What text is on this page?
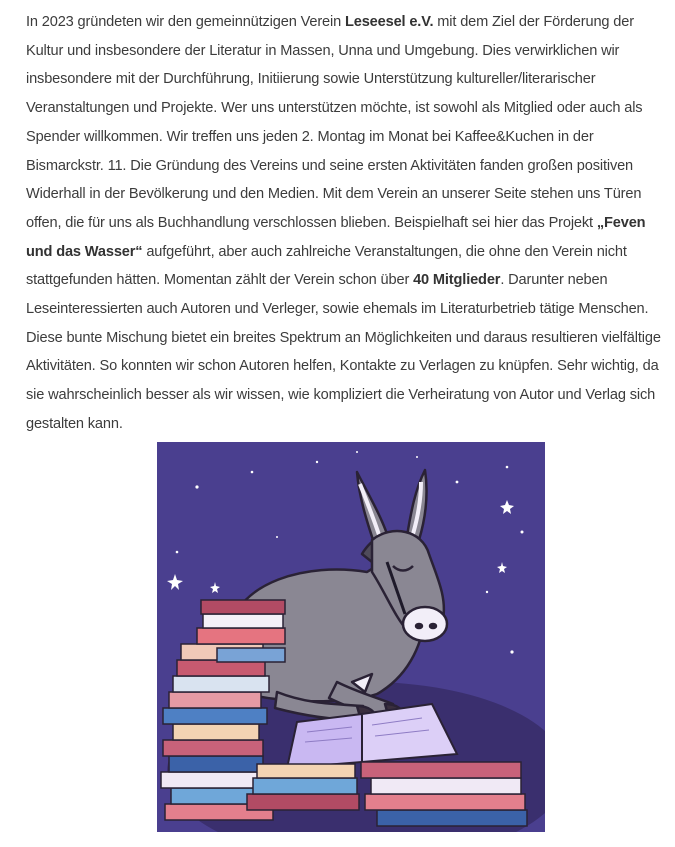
In 2023 gründeten wir den gemeinnützigen Verein Leseesel e.V. mit dem Ziel der Förderung der Kultur und insbesondere der Literatur in Massen, Unna und Umgebung. Dies verwirklichen wir insbesondere mit der Durchführung, Initiierung sowie Unterstützung kultureller/literarischer Veranstaltungen und Projekte. Wer uns unterstützen möchte, ist sowohl als Mitglied oder auch als Spender willkommen. Wir treffen uns jeden 2. Montag im Monat bei Kaffee&Kuchen in der Bismarckstr. 11. Die Gründung des Vereins und seine ersten Aktivitäten fanden großen positiven Widerhall in der Bevölkerung und den Medien. Mit dem Verein an unserer Seite stehen uns Türen offen, die für uns als Buchhandlung verschlossen blieben. Beispielhaft sei hier das Projekt „Feven und das Wasser“ aufgeführt, aber auch zahlreiche Veranstaltungen, die ohne den Verein nicht stattgefunden hätten. Momentan zählt der Verein schon über 40 Mitglieder. Darunter neben Leseinteressierten auch Autoren und Verleger, sowie ehemals im Literaturbetrieb tätige Menschen. Diese bunte Mischung bietet ein breites Spektrum an Möglichkeiten und daraus resultieren vielfältige Aktivitäten. So konnten wir schon Autoren helfen, Kontakte zu Verlagen zu knüpfen. Sehr wichtig, da sie wahrscheinlich besser als wir wissen, wie kompliziert die Verheiratung von Autor und Verlag sich gestalten kann.
